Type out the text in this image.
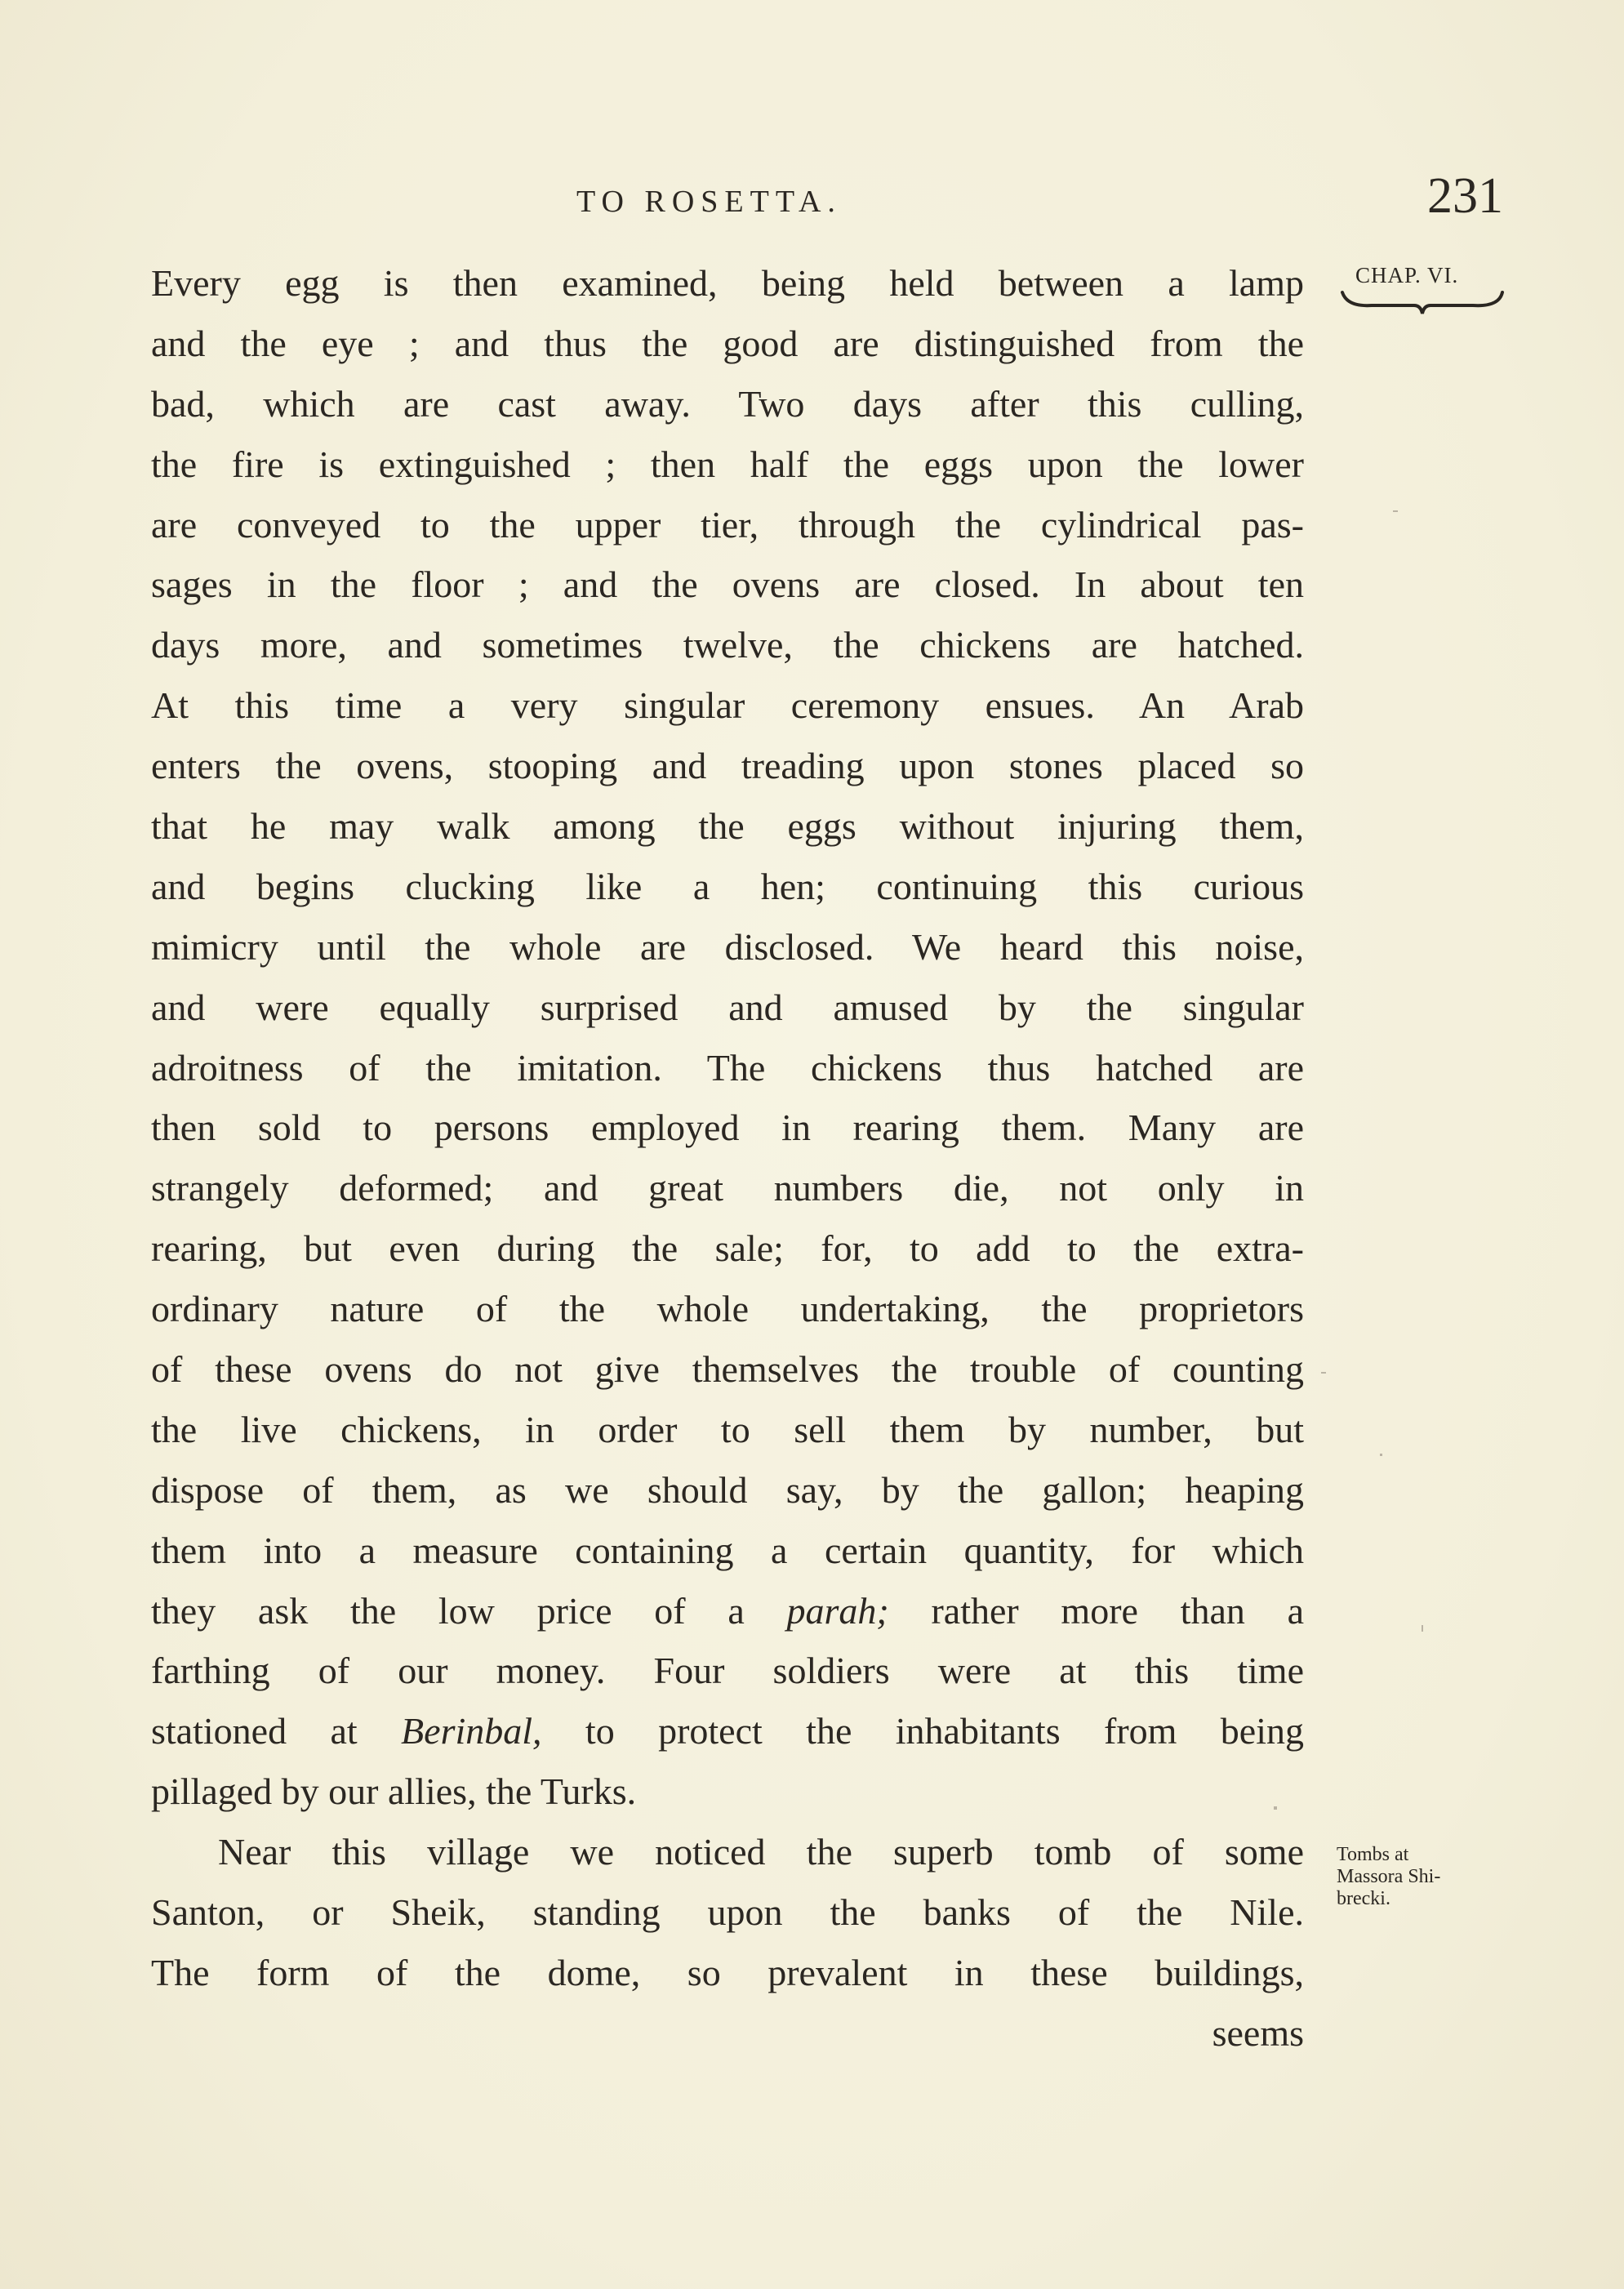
TO ROSETTA.	231
CHAP. VI.
Every egg is then examined, being held between a lamp
and the eye ; and thus the good are distinguished from the
bad, which are cast away. Two days after this culling,
the fire is extinguished ; then half the eggs upon the lower
are conveyed to the upper tier, through the cylindrical pas-
sages in the floor ; and the ovens are closed. In about ten
days more, and sometimes twelve, the chickens are hatched.
At this time a very singular ceremony ensues. An Arab
enters the ovens, stooping and treading upon stones placed so
that he may walk among the eggs without injuring them,
and begins clucking like a hen; continuing this curious
mimicry until the whole are disclosed. We heard this noise,
and were equally surprised and amused by the singular
adroitness of the imitation. The chickens thus hatched are
then sold to persons employed in rearing them. Many are
strangely deformed; and great numbers die, not only in
rearing, but even during the sale; for, to add to the extra-
ordinary nature of the whole undertaking, the proprietors
of these ovens do not give themselves the trouble of counting
the live chickens, in order to sell them by number, but
dispose of them, as we should say, by the gallon; heaping
them into a measure containing a certain quantity, for which
they ask the low price of a parah; rather more than a
farthing of our money. Four soldiers were at this time
stationed at Berinbal, to protect the inhabitants from being
pillaged by our allies, the Turks.
Near this village we noticed the superb tomb of some
Santon, or Sheik, standing upon the banks of the Nile.
The form of the dome, so prevalent in these buildings,
seems
Tombs at
Massora Shi-
brecki.
